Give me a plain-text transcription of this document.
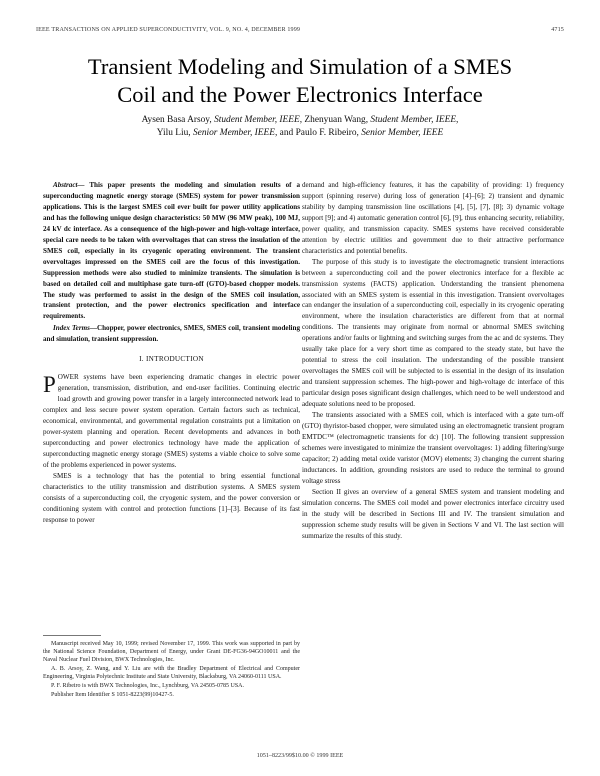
IEEE TRANSACTIONS ON APPLIED SUPERCONDUCTIVITY, VOL. 9, NO. 4, DECEMBER 1999	4715
Transient Modeling and Simulation of a SMES
Coil and the Power Electronics Interface
Aysen Basa Arsoy, Student Member, IEEE, Zhenyuan Wang, Student Member, IEEE,
Yilu Liu, Senior Member, IEEE, and Paulo F. Ribeiro, Senior Member, IEEE

Abstract— This paper presents the modeling and simulation results of a superconducting magnetic energy storage (SMES) system for power transmission applications. This is the largest SMES coil ever built for power utility applications and has the following unique design characteristics: 50 MW (96 MW peak), 100 MJ, 24 kV dc interface. As a consequence of the high-power and high-voltage interface, special care needs to be taken with overvoltages that can stress the insulation of the SMES coil, especially in its cryogenic operating environment. The transient overvoltages impressed on the SMES coil are the focus of this investigation. Suppression methods were also studied to minimize transients. The simulation is based on detailed coil and multiphase gate turn-off (GTO)-based chopper models. The study was performed to assist in the design of the SMES coil insulation, transient protection, and the power electronics specification and interface requirements.

Index Terms—Chopper, power electronics, SMES, SMES coil, transient modeling and simulation, transient suppression.

I. INTRODUCTION

POWER systems have been experiencing dramatic changes in electric power generation, transmission, distribution, and end-user facilities. Continuing electric load growth and growing power transfer in a largely interconnected network lead to complex and less secure power system operation. Certain factors such as technical, economical, environmental, and governmental regulation constraints put a limitation on power-system planning and operation. Recent developments and advances in both superconducting and power electronics technology have made the application of superconducting magnetic energy storage (SMES) systems a viable choice to solve some of the problems experienced in power systems.

SMES is a technology that has the potential to bring essential functional characteristics to the utility transmission and distribution systems. A SMES system consists of a superconducting coil, the cryogenic system, and the power conversion or conditioning system with control and protection functions [1]–[3]. Because of its fast response to power

demand and high-efficiency features, it has the capability of providing: 1) frequency support (spinning reserve) during loss of generation [4]–[6]; 2) transient and dynamic stability by damping transmission line oscillations [4], [5], [7], [8]; 3) dynamic voltage support [9]; and 4) automatic generation control [6], [9], thus enhancing security, reliability, power quality, and transmission capacity. SMES systems have received considerable attention by electric utilities and government due to their attractive performance characteristics and potential benefits.

The purpose of this study is to investigate the electromagnetic transient interactions between a superconducting coil and the power electronics interface for a flexible ac transmission systems (FACTS) application. Understanding the transient phenomena associated with an SMES system is essential in this investigation. Transient overvoltages can endanger the insulation of a superconducting coil, especially in its cryogenic operating environment, where the insulation characteristics are different from that at normal conditions. The transients may originate from normal or abnormal SMES switching operations and/or faults or lightning and switching surges from the ac and dc systems. They usually take place for a very short time as compared to the steady state, but have the potential to stress the coil insulation. The understanding of the possible transient overvoltages the SMES coil will be subjected to is essential in the design of its insulation and transient suppression schemes. The high-power and high-voltage dc interface of this particular design poses significant design challenges, which need to be well understood and adequate solutions need to be proposed.

The transients associated with a SMES coil, which is interfaced with a gate turn-off (GTO) thyristor-based chopper, were simulated using an electromagnetic transient program EMTDC™ (electromagnetic transients for dc) [10]. The following transient suppression schemes were investigated to minimize the transient overvoltages: 1) adding filtering/surge capacitor; 2) adding metal oxide varistor (MOV) elements; 3) changing the current sharing inductances. In addition, grounding resistors are used to reduce the terminal to ground voltage stress

Section II gives an overview of a general SMES system and transient modeling and simulation concerns. The SMES coil model and power electronics interface circuitry used in the study will be described in Sections III and IV. The transient simulation and suppression scheme study results will be given in Sections V and VI. The last section will summarize the results of this study.

Manuscript received May 10, 1999; revised November 17, 1999. This work was supported in part by the National Science Foundation, Department of Energy, under Grant DE-FG36-94GO10011 and the Naval Nuclear Fuel Division, BWX Technologies, Inc.

A. B. Arsoy, Z. Wang, and Y. Liu are with the Bradley Department of Electrical and Computer Engineering, Virginia Polytechnic Institute and State University, Blacksburg, VA 24060-0111 USA.

P. F. Ribeiro is with BWX Technologies, Inc., Lynchburg, VA 24505-0785 USA.

Publisher Item Identifier S 1051-8223(99)10427-5.

1051–8223/99$10.00 © 1999 IEEE
